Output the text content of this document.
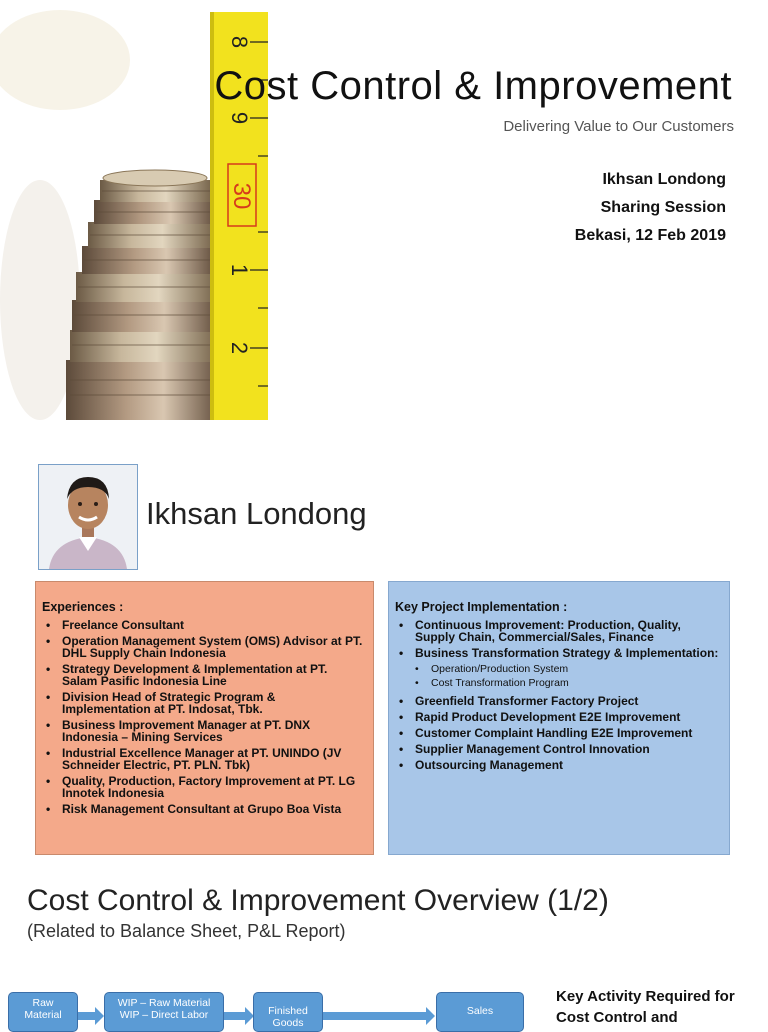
8
9
30
1
2
Cost Control & Improvement
Delivering Value to Our Customers
Ikhsan Londong
Sharing Session
Bekasi, 12 Feb 2019
Ikhsan Londong
Experiences :
• Freelance Consultant
• Operation Management System (OMS) Advisor at PT. DHL Supply Chain Indonesia
• Strategy Development & Implementation at PT. Salam Pasific Indonesia Line
• Division Head of Strategic Program & Implementation at PT. Indosat, Tbk.
• Business Improvement Manager at PT. DNX Indonesia – Mining Services
• Industrial Excellence Manager at PT. UNINDO (JV Schneider Electric, PT. PLN. Tbk)
• Quality, Production, Factory Improvement at PT. LG Innotek Indonesia
• Risk Management Consultant at Grupo Boa Vista
Key Project Implementation :
• Continuous Improvement: Production, Quality, Supply Chain, Commercial/Sales, Finance
• Business Transformation Strategy & Implementation:
• Operation/Production System
• Cost Transformation Program
• Greenfield Transformer Factory Project
• Rapid Product Development E2E Improvement
• Customer Complaint Handling E2E Improvement
• Supplier Management Control Innovation
• Outsourcing Management
Cost Control & Improvement Overview (1/2)
(Related to Balance Sheet, P&L Report)
Raw Material
WIP – Raw Material
WIP – Direct Labor	Finished Goods
Sales
Key Activity Required for
Cost Control and
